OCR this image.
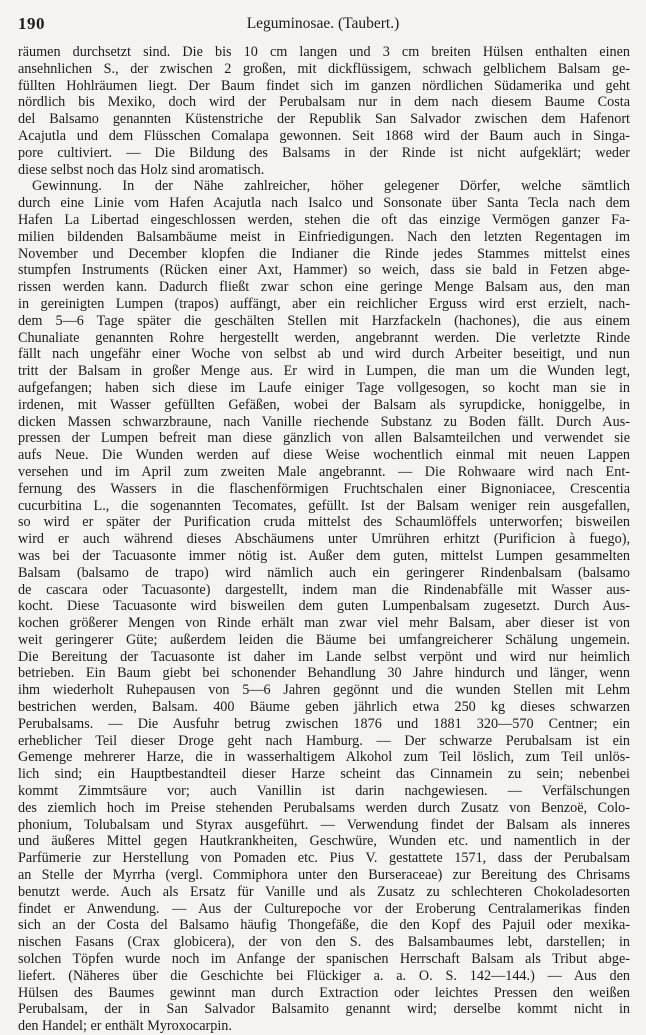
190	Leguminosae. (Taubert.)
räumen durchsetzt sind. Die bis 10 cm langen und 3 cm breiten Hülsen enthalten einen
ansehnlichen S., der zwischen 2 großen, mit dickflüssigem, schwach gelblichem Balsam ge-
füllten Hohlräumen liegt. Der Baum findet sich im ganzen nördlichen Südamerika und geht
nördlich bis Mexiko, doch wird der Perubalsam nur in dem nach diesem Baume Costa
del Balsamo genannten Küstenstriche der Republik San Salvador zwischen dem Hafenort
Acajutla und dem Flüsschen Comalapa gewonnen. Seit 1868 wird der Baum auch in Singa-
pore cultiviert. — Die Bildung des Balsams in der Rinde ist nicht aufgeklärt; weder
diese selbst noch das Holz sind aromatisch.
Gewinnung. In der Nähe zahlreicher, höher gelegener Dörfer, welche sämtlich
durch eine Linie vom Hafen Acajutla nach Isalco und Sonsonate über Santa Tecla nach dem
Hafen La Libertad eingeschlossen werden, stehen die oft das einzige Vermögen ganzer Fa-
milien bildenden Balsambäume meist in Einfriedigungen. Nach den letzten Regentagen im
November und December klopfen die Indianer die Rinde jedes Stammes mittelst eines
stumpfen Instruments (Rücken einer Axt, Hammer) so weich, dass sie bald in Fetzen abge-
rissen werden kann. Dadurch fließt zwar schon eine geringe Menge Balsam aus, den man
in gereinigten Lumpen (trapos) auffängt, aber ein reichlicher Erguss wird erst erzielt, nach-
dem 5—6 Tage später die geschälten Stellen mit Harzfackeln (hachones), die aus einem
Chunaliate genannten Rohre hergestellt werden, angebrannt werden. Die verletzte Rinde
fällt nach ungefähr einer Woche von selbst ab und wird durch Arbeiter beseitigt, und nun
tritt der Balsam in großer Menge aus. Er wird in Lumpen, die man um die Wunden legt,
aufgefangen; haben sich diese im Laufe einiger Tage vollgesogen, so kocht man sie in
irdenen, mit Wasser gefüllten Gefäßen, wobei der Balsam als syrupdicke, honiggelbe, in
dicken Massen schwarzbraune, nach Vanille riechende Substanz zu Boden fällt. Durch Aus-
pressen der Lumpen befreit man diese gänzlich von allen Balsamteilchen und verwendet sie
aufs Neue. Die Wunden werden auf diese Weise wochentlich einmal mit neuen Lappen
versehen und im April zum zweiten Male angebrannt. — Die Rohwaare wird nach Ent-
fernung des Wassers in die flaschenförmigen Fruchtschalen einer Bignoniacee, Crescentia
cucurbitina L., die sogenannten Tecomates, gefüllt. Ist der Balsam weniger rein ausgefallen,
so wird er später der Purification cruda mittelst des Schaumlöffels unterworfen; bisweilen
wird er auch während dieses Abschäumens unter Umrühren erhitzt (Purificion à fuego),
was bei der Tacuasonte immer nötig ist. Außer dem guten, mittelst Lumpen gesammelten
Balsam (balsamo de trapo) wird nämlich auch ein geringerer Rindenbalsam (balsamo
de cascara oder Tacuasonte) dargestellt, indem man die Rindenabfälle mit Wasser aus-
kocht. Diese Tacuasonte wird bisweilen dem guten Lumpenbalsam zugesetzt. Durch Aus-
kochen größerer Mengen von Rinde erhält man zwar viel mehr Balsam, aber dieser ist von
weit geringerer Güte; außerdem leiden die Bäume bei umfangreicherer Schälung ungemein.
Die Bereitung der Tacuasonte ist daher im Lande selbst verpönt und wird nur heimlich
betrieben. Ein Baum giebt bei schonender Behandlung 30 Jahre hindurch und länger, wenn
ihm wiederholt Ruhepausen von 5—6 Jahren gegönnt und die wunden Stellen mit Lehm
bestrichen werden, Balsam. 400 Bäume geben jährlich etwa 250 kg dieses schwarzen
Perubalsams. — Die Ausfuhr betrug zwischen 1876 und 1881 320—570 Centner; ein
erheblicher Teil dieser Droge geht nach Hamburg. — Der schwarze Perubalsam ist ein
Gemenge mehrerer Harze, die in wasserhaltigem Alkohol zum Teil löslich, zum Teil unlös-
lich sind; ein Hauptbestandteil dieser Harze scheint das Cinnamein zu sein; nebenbei
kommt Zimmtsäure vor; auch Vanillin ist darin nachgewiesen. — Verfälschungen
des ziemlich hoch im Preise stehenden Perubalsams werden durch Zusatz von Benzoë, Colo-
phonium, Tolubalsam und Styrax ausgeführt. — Verwendung findet der Balsam als inneres
und äußeres Mittel gegen Hautkrankheiten, Geschwüre, Wunden etc. und namentlich in der
Parfümerie zur Herstellung von Pomaden etc. Pius V. gestattete 1571, dass der Perubalsam
an Stelle der Myrrha (vergl. Commiphora unter den Burseraceae) zur Bereitung des Chrisams
benutzt werde. Auch als Ersatz für Vanille und als Zusatz zu schlechteren Chokoladesorten
findet er Anwendung. — Aus der Culturepoche vor der Eroberung Centralamerikas finden
sich an der Costa del Balsamo häufig Thongefäße, die den Kopf des Pajuil oder mexika-
nischen Fasans (Crax globicera), der von den S. des Balsambaumes lebt, darstellen; in
solchen Töpfen wurde noch im Anfange der spanischen Herrschaft Balsam als Tribut abge-
liefert. (Näheres über die Geschichte bei Flückiger a. a. O. S. 142—144.) — Aus den
Hülsen des Baumes gewinnt man durch Extraction oder leichtes Pressen den weißen
Perubalsam, der in San Salvador Balsamito genannt wird; derselbe kommt nicht in
den Handel; er enthält Myroxocarpin.
